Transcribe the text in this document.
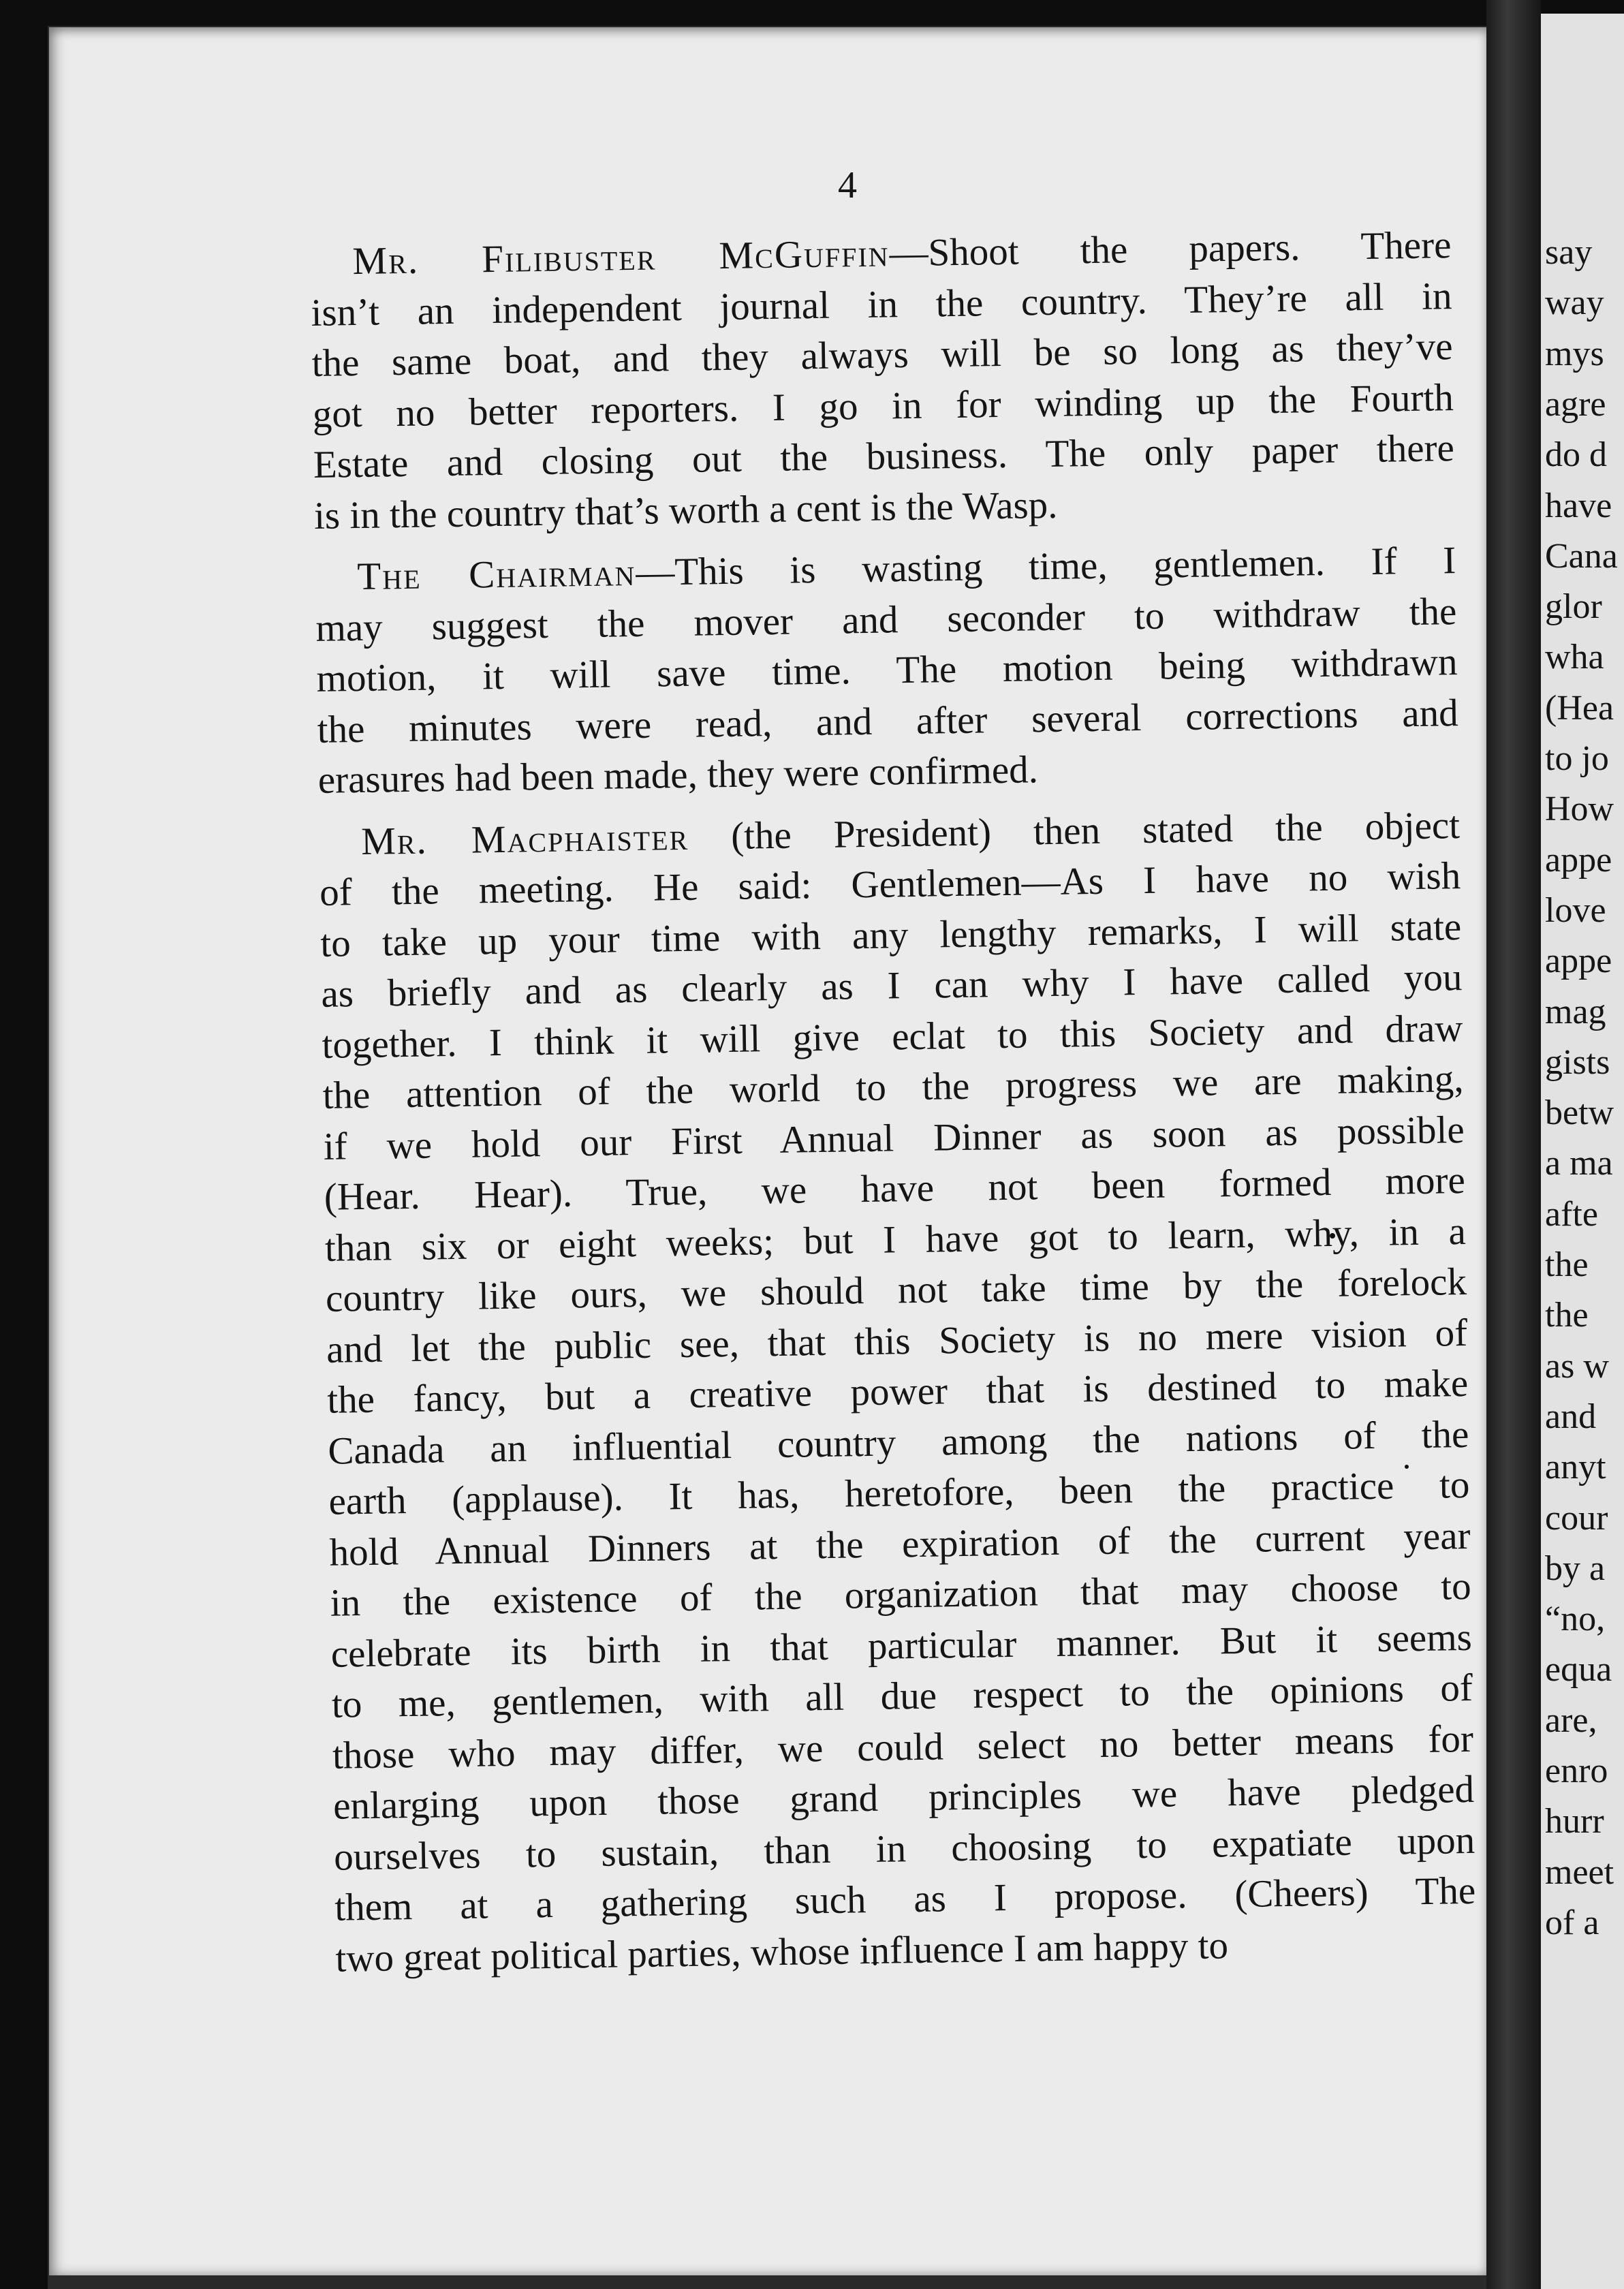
4

Mr. Filibuster McGuffin—Shoot the papers. There
isn’t an independent journal in the country. They’re all in
the same boat, and they always will be so long as they’ve
got no better reporters. I go in for winding up the Fourth
Estate and closing out the business. The only paper there
is in the country that’s worth a cent is the Wasp.

The Chairman—This is wasting time, gentlemen. If I
may suggest the mover and seconder to withdraw the
motion, it will save time. The motion being withdrawn
the minutes were read, and after several corrections and
erasures had been made, they were confirmed.

Mr. Macphaister (the President) then stated the object
of the meeting. He said: Gentlemen—As I have no wish
to take up your time with any lengthy remarks, I will state
as briefly and as clearly as I can why I have called you
together. I think it will give eclat to this Society and draw
the attention of the world to the progress we are making,
if we hold our First Annual Dinner as soon as possible
(Hear. Hear). True, we have not been formed more
than six or eight weeks; but I have got to learn, why, in a
country like ours, we should not take time by the forelock
and let the public see, that this Society is no mere vision of
the fancy, but a creative power that is destined to make
Canada an influential country among the nations of the
earth (applause). It has, heretofore, been the practice to
hold Annual Dinners at the expiration of the current year
in the existence of the organization that may choose to
celebrate its birth in that particular manner. But it seems
to me, gentlemen, with all due respect to the opinions of
those who may differ, we could select no better means for
enlarging upon those grand principles we have pledged
ourselves to sustain, than in choosing to expatiate upon
them at a gathering such as I propose. (Cheers) The
two great political parties, whose influence I am happy to

say
way
mys
agre
do d
have
Cana
glor
wha
(Hea
to jo
How
appe
love
appe
mag
gists
betw
a ma
afte
the
the
as w
and
anyt
cour
by a
“no,
equa
are,
enro
hurr
meet
of a
